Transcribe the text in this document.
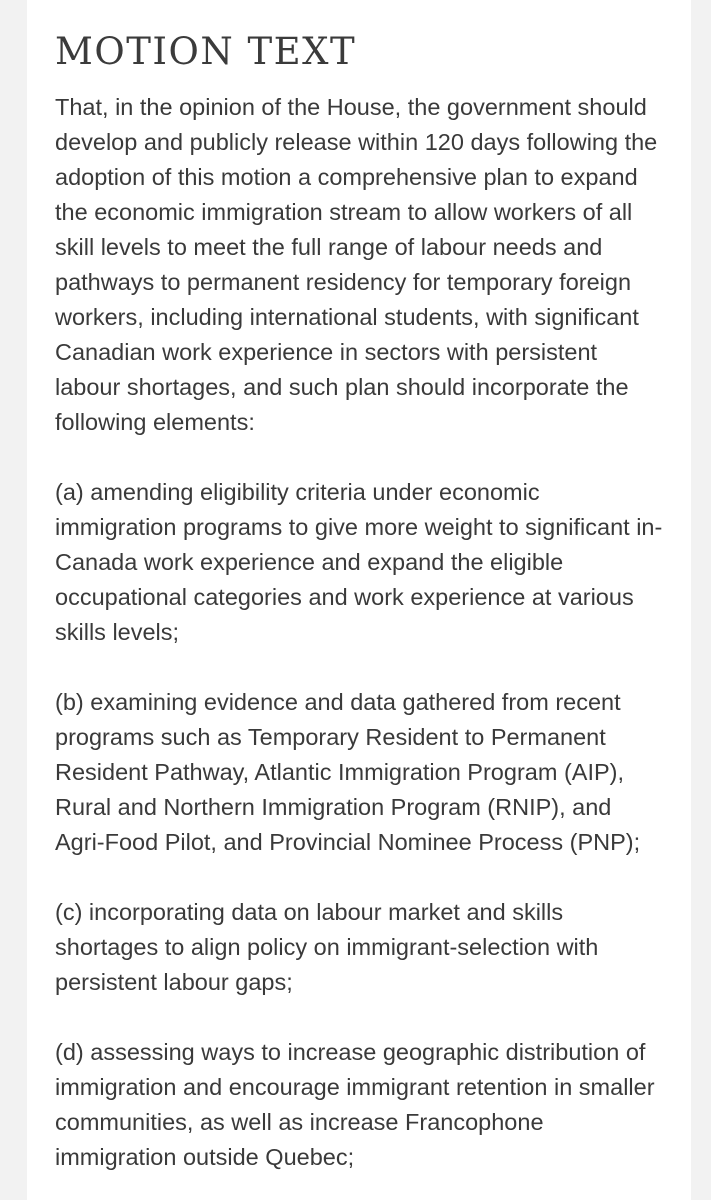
MOTION TEXT

That, in the opinion of the House, the government should develop and publicly release within 120 days following the adoption of this motion a comprehensive plan to expand the economic immigration stream to allow workers of all skill levels to meet the full range of labour needs and pathways to permanent residency for temporary foreign workers, including international students, with significant Canadian work experience in sectors with persistent labour shortages, and such plan should incorporate the following elements:

(a) amending eligibility criteria under economic immigration programs to give more weight to significant in-Canada work experience and expand the eligible occupational categories and work experience at various skills levels;

(b) examining evidence and data gathered from recent programs such as Temporary Resident to Permanent Resident Pathway, Atlantic Immigration Program (AIP), Rural and Northern Immigration Program (RNIP), and Agri-Food Pilot, and Provincial Nominee Process (PNP);

(c) incorporating data on labour market and skills shortages to align policy on immigrant-selection with persistent labour gaps;

(d) assessing ways to increase geographic distribution of immigration and encourage immigrant retention in smaller communities, as well as increase Francophone immigration outside Quebec;
